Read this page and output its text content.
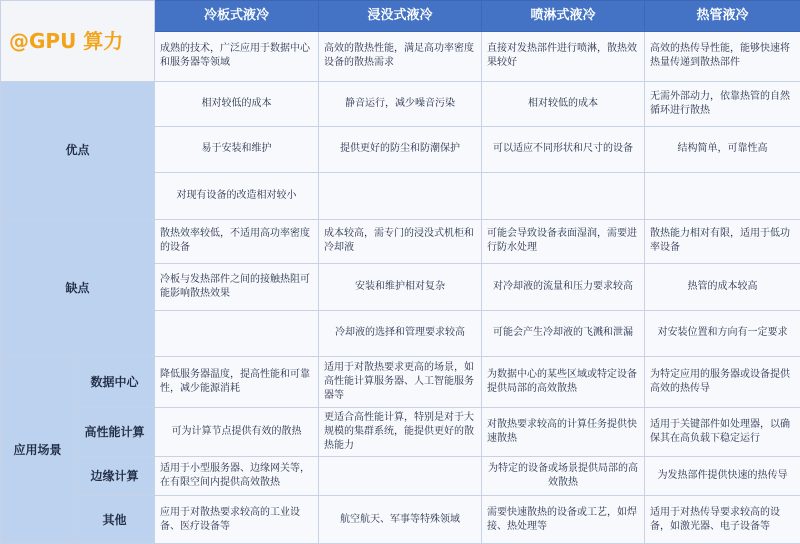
@GPU 算力		冷板式液冷	浸没式液冷	喷淋式液冷	热管液冷
		成熟的技术，广泛应用于数据中心和服务器等领域	高效的散热性能，满足高功率密度设备的散热需求	直接对发热部件进行喷淋，散热效果较好	高效的热传导性能，能够快速将热量传递到散热部件
优点		相对较低的成本	静音运行，减少噪音污染	相对较低的成本	无需外部动力，依靠热管的自然循环进行散热
		易于安装和维护	提供更好的防尘和防潮保护	可以适应不同形状和尺寸的设备	结构简单，可靠性高
		对现有设备的改造相对较小			
缺点		散热效率较低，不适用高功率密度的设备	成本较高，需专门的浸没式机柜和冷却液	可能会导致设备表面湿润，需要进行防水处理	散热能力相对有限，适用于低功率设备
		冷板与发热部件之间的接触热阻可能影响散热效果	安装和维护相对复杂	对冷却液的流量和压力要求较高	热管的成本较高
			冷却液的选择和管理要求较高	可能会产生冷却液的飞溅和泄漏	对安装位置和方向有一定要求
应用场景	数据中心	降低服务器温度，提高性能和可靠性，减少能源消耗	适用于对散热要求更高的场景，如高性能计算服务器、人工智能服务器等	为数据中心的某些区域或特定设备提供局部的高效散热	为特定应用的服务器或设备提供高效的热传导
	高性能计算	可为计算节点提供有效的散热	更适合高性能计算，特别是对于大规模的集群系统，能提供更好的散热能力	对散热要求较高的计算任务提供快速散热	适用于关键部件如处理器，以确保其在高负载下稳定运行
	边缘计算	适用于小型服务器、边缘网关等，在有限空间内提供高效散热		为特定的设备或场景提供局部的高效散热	为发热部件提供快速的热传导
	其他	应用于对散热要求较高的工业设备、医疗设备等	航空航天、军事等特殊领域	需要快速散热的设备或工艺，如焊接、热处理等	适用于对热传导要求较高的设备，如激光器、电子设备等
